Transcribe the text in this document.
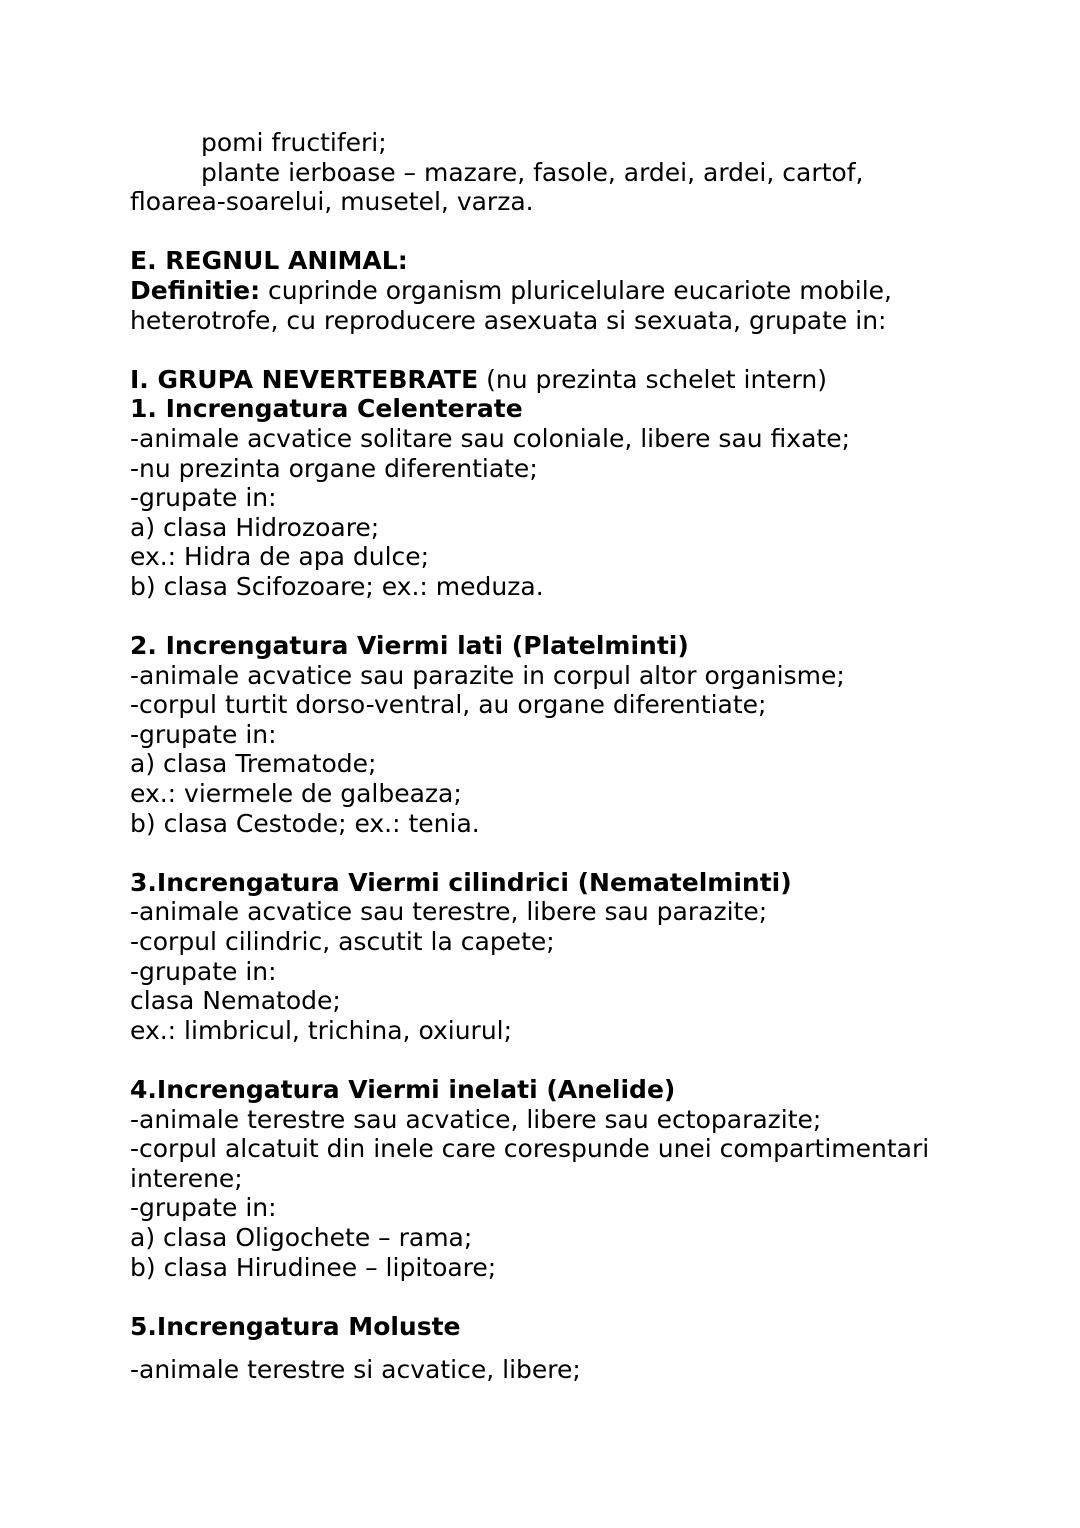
pomi fructiferi;
plante ierboase – mazare, fasole, ardei, ardei, cartof,
floarea-soarelui, musetel, varza.
E. REGNUL ANIMAL:
Definitie: cuprinde organism pluricelulare eucariote mobile,
heterotrofe, cu reproducere asexuata si sexuata, grupate in:
I. GRUPA NEVERTEBRATE (nu prezinta schelet intern)
1. Increngatura Celenterate
-animale acvatice solitare sau coloniale, libere sau fixate;
-nu prezinta organe diferentiate;
-grupate in:
a) clasa Hidrozoare;
ex.: Hidra de apa dulce;
b) clasa Scifozoare; ex.: meduza.
2. Increngatura Viermi lati (Platelminti)
-animale acvatice sau parazite in corpul altor organisme;
-corpul turtit dorso-ventral, au organe diferentiate;
-grupate in:
a) clasa Trematode;
ex.: viermele de galbeaza;
b) clasa Cestode; ex.: tenia.
3.Increngatura Viermi cilindrici (Nematelminti)
-animale acvatice sau terestre, libere sau parazite;
-corpul cilindric, ascutit la capete;
-grupate in:
clasa Nematode;
ex.: limbricul, trichina, oxiurul;
4.Increngatura Viermi inelati (Anelide)
-animale terestre sau acvatice, libere sau ectoparazite;
-corpul alcatuit din inele care corespunde unei compartimentari
interene;
-grupate in:
a) clasa Oligochete – rama;
b) clasa Hirudinee – lipitoare;
5.Increngatura Moluste
-animale terestre si acvatice, libere;
